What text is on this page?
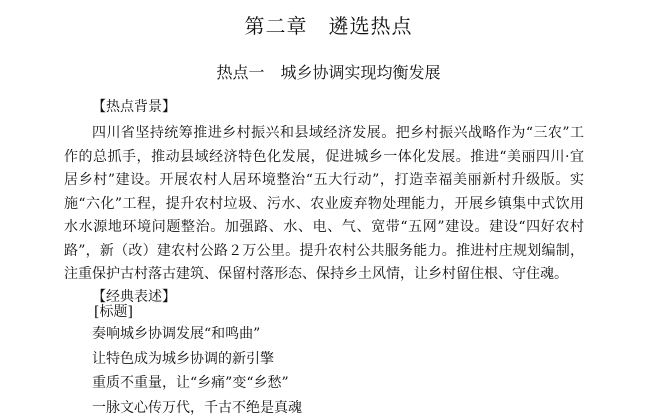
第二章　遴选热点
热点一　城乡协调实现均衡发展
【热点背景】
四川省坚持统筹推进乡村振兴和县域经济发展。把乡村振兴战略作为“三农”工
作的总抓手，推动县域经济特色化发展，促进城乡一体化发展。推进“美丽四川·宜
居乡村”建设。开展农村人居环境整治“五大行动”，打造幸福美丽新村升级版。实
施“六化”工程，提升农村垃圾、污水、农业废弃物处理能力，开展乡镇集中式饮用
水水源地环境问题整治。加强路、水、电、气、宽带“五网”建设。建设“四好农村
路”，新（改）建农村公路２万公里。提升农村公共服务能力。推进村庄规划编制，
注重保护古村落古建筑、保留村落形态、保持乡土风情，让乡村留住根、守住魂。
【经典表述】
[标题]
奏响城乡协调发展“和鸣曲”
让特色成为城乡协调的新引擎
重质不重量，让“乡痛”变“乡愁”
一脉文心传万代，千古不绝是真魂
